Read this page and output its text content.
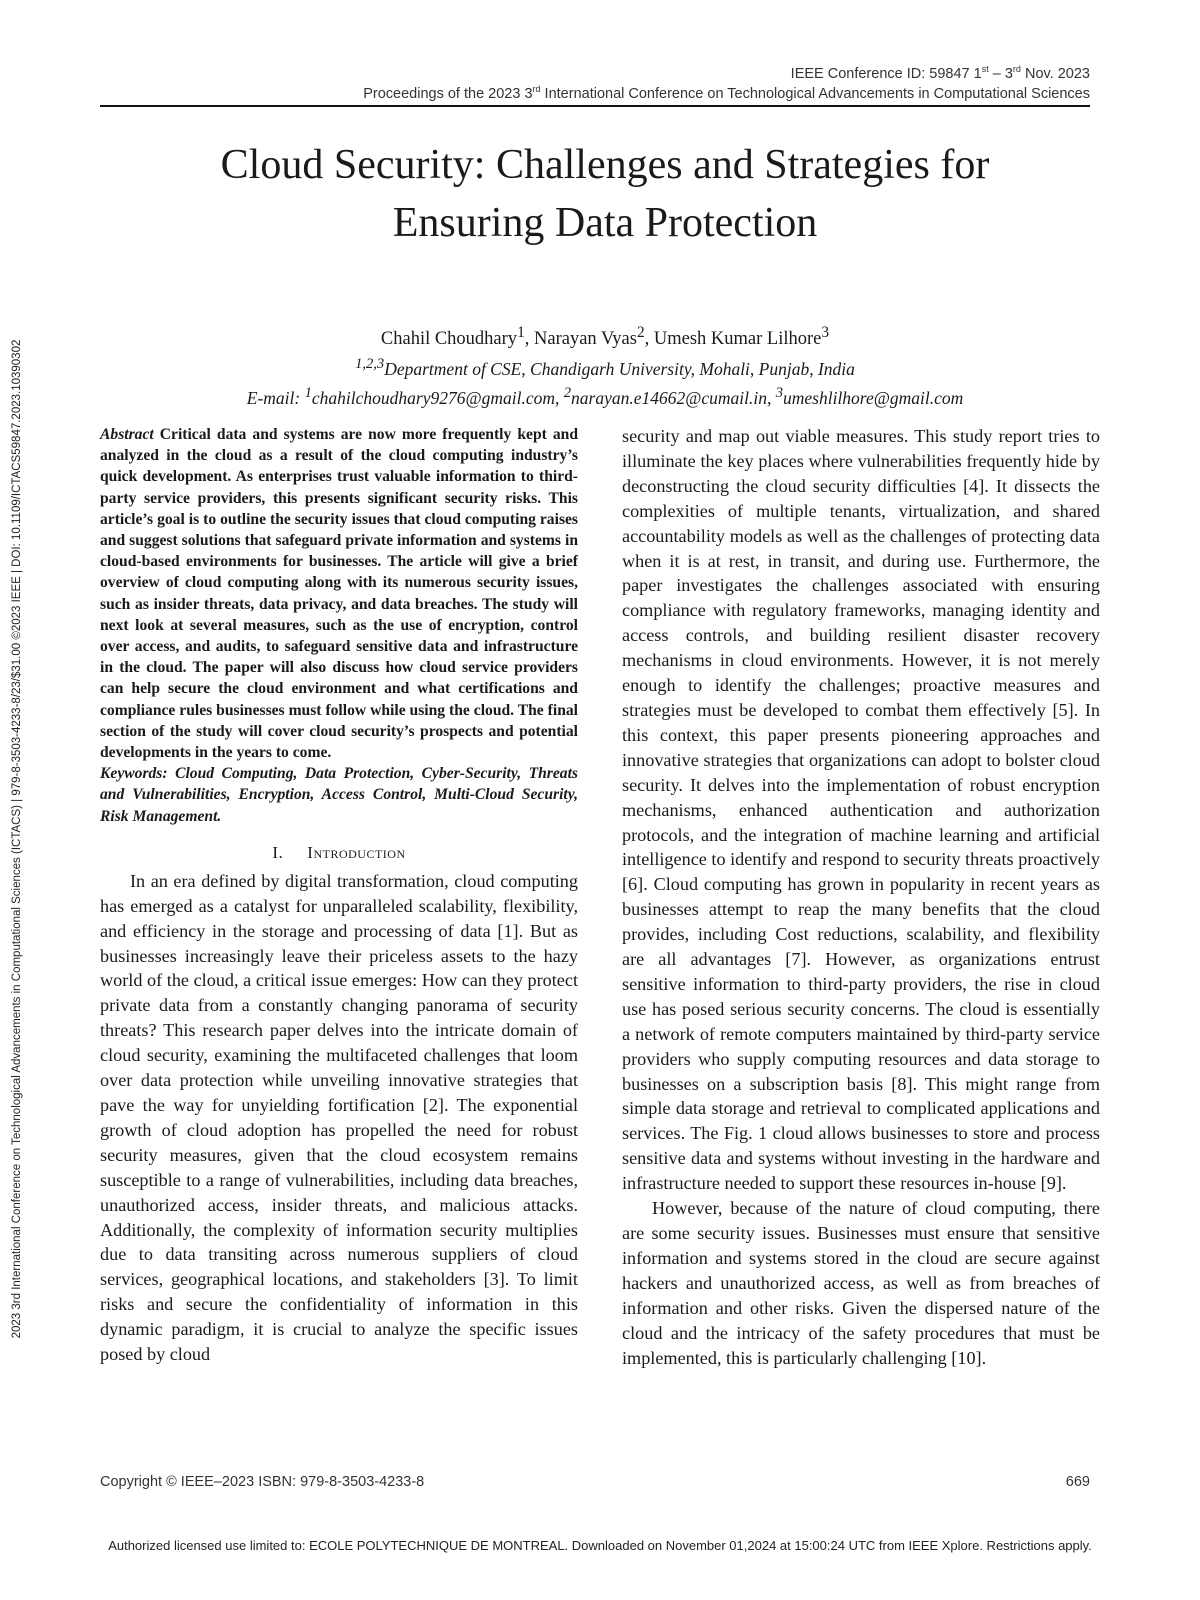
2023 3rd International Conference on Technological Advancements in Computational Sciences (ICTACS) | 979-8-3503-4233-8/23/$31.00 ©2023 IEEE | DOI: 10.1109/ICTACS59847.2023.10390302
IEEE Conference ID: 59847 1st – 3rd Nov. 2023
Proceedings of the 2023 3rd International Conference on Technological Advancements in Computational Sciences
Cloud Security: Challenges and Strategies for
Ensuring Data Protection
Chahil Choudhary$^1$, Narayan Vyas$^2$, Umesh Kumar Lilhore$^3$
$^{1,2,3}$Department of CSE, Chandigarh University, Mohali, Punjab, India
E-mail: $^1$chahilchoudhary9276@gmail.com, $^2$narayan.e14662@cumail.in, $^3$umeshlilhore@gmail.com

Abstract Critical data and systems are now more frequently kept and analyzed in the cloud as a result of the cloud computing industry’s quick development. As enterprises trust valuable information to third-party service providers, this presents significant security risks. This article’s goal is to outline the security issues that cloud computing raises and suggest solutions that safeguard private information and systems in cloud-based environments for businesses. The article will give a brief overview of cloud computing along with its numerous security issues, such as insider threats, data privacy, and data breaches. The study will next look at several measures, such as the use of encryption, control over access, and audits, to safeguard sensitive data and infrastructure in the cloud. The paper will also discuss how cloud service providers can help secure the cloud environment and what certifications and compliance rules businesses must follow while using the cloud. The final section of the study will cover cloud security’s prospects and potential developments in the years to come.

Keywords: Cloud Computing, Data Protection, Cyber-Security, Threats and Vulnerabilities, Encryption, Access Control, Multi-Cloud Security, Risk Management.

I. Introduction

In an era defined by digital transformation, cloud computing has emerged as a catalyst for unparalleled scalability, flexibility, and efficiency in the storage and processing of data [1]. But as businesses increasingly leave their priceless assets to the hazy world of the cloud, a critical issue emerges: How can they protect private data from a constantly changing panorama of security threats? This research paper delves into the intricate domain of cloud security, examining the multifaceted challenges that loom over data protection while unveiling innovative strategies that pave the way for unyielding fortification [2]. The exponential growth of cloud adoption has propelled the need for robust security measures, given that the cloud ecosystem remains susceptible to a range of vulnerabilities, including data breaches, unauthorized access, insider threats, and malicious attacks. Additionally, the complexity of information security multiplies due to data transiting across numerous suppliers of cloud services, geographical locations, and stakeholders [3]. To limit risks and secure the confidentiality of information in this dynamic paradigm, it is crucial to analyze the specific issues posed by cloud

security and map out viable measures. This study report tries to illuminate the key places where vulnerabilities frequently hide by deconstructing the cloud security difficulties [4]. It dissects the complexities of multiple tenants, virtualization, and shared accountability models as well as the challenges of protecting data when it is at rest, in transit, and during use. Furthermore, the paper investigates the challenges associated with ensuring compliance with regulatory frameworks, managing identity and access controls, and building resilient disaster recovery mechanisms in cloud environments. However, it is not merely enough to identify the challenges; proactive measures and strategies must be developed to combat them effectively [5]. In this context, this paper presents pioneering approaches and innovative strategies that organizations can adopt to bolster cloud security. It delves into the implementation of robust encryption mechanisms, enhanced authentication and authorization protocols, and the integration of machine learning and artificial intelligence to identify and respond to security threats proactively [6]. Cloud computing has grown in popularity in recent years as businesses attempt to reap the many benefits that the cloud provides, including Cost reductions, scalability, and flexibility are all advantages [7]. However, as organizations entrust sensitive information to third-party providers, the rise in cloud use has posed serious security concerns. The cloud is essentially a network of remote computers maintained by third-party service providers who supply computing resources and data storage to businesses on a subscription basis [8]. This might range from simple data storage and retrieval to complicated applications and services. The Fig. 1 cloud allows businesses to store and process sensitive data and systems without investing in the hardware and infrastructure needed to support these resources in-house [9].

However, because of the nature of cloud computing, there are some security issues. Businesses must ensure that sensitive information and systems stored in the cloud are secure against hackers and unauthorized access, as well as from breaches of information and other risks. Given the dispersed nature of the cloud and the intricacy of the safety procedures that must be implemented, this is particularly challenging [10].

Copyright © IEEE–2023 ISBN: 979-8-3503-4233-8	669
Authorized licensed use limited to: ECOLE POLYTECHNIQUE DE MONTREAL. Downloaded on November 01,2024 at 15:00:24 UTC from IEEE Xplore. Restrictions apply.
